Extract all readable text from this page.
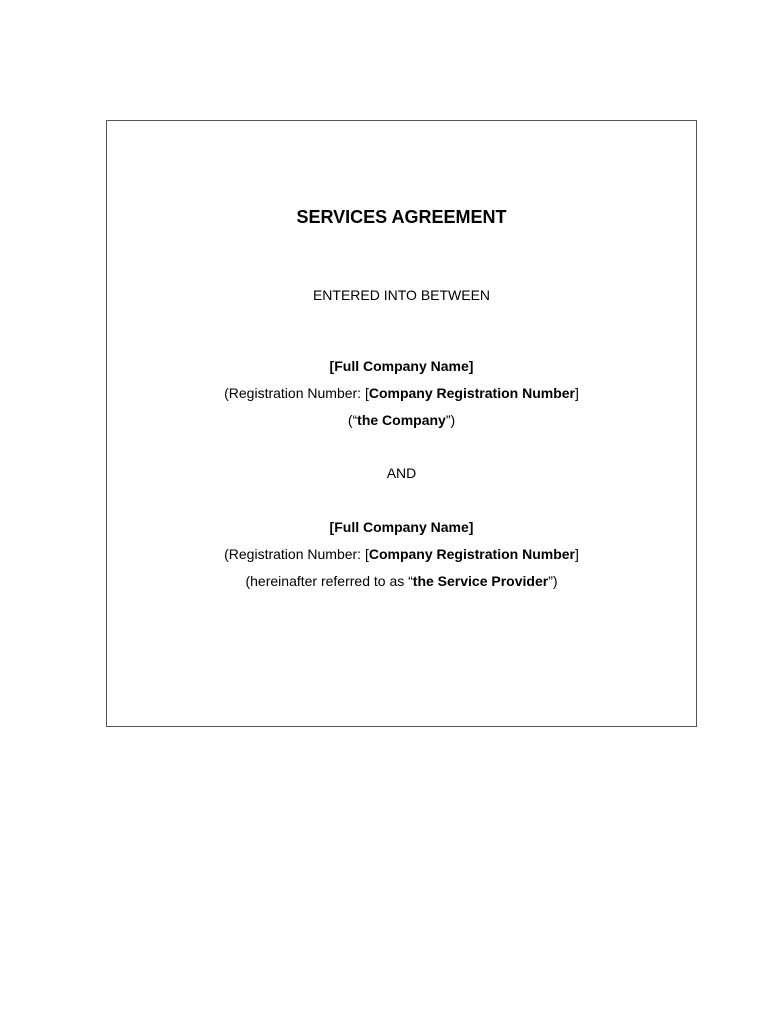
SERVICES AGREEMENT
ENTERED INTO BETWEEN
[Full Company Name]
(Registration Number: [Company Registration Number]
(“the Company”)
AND
[Full Company Name]
(Registration Number: [Company Registration Number]
(hereinafter referred to as “the Service Provider”)
